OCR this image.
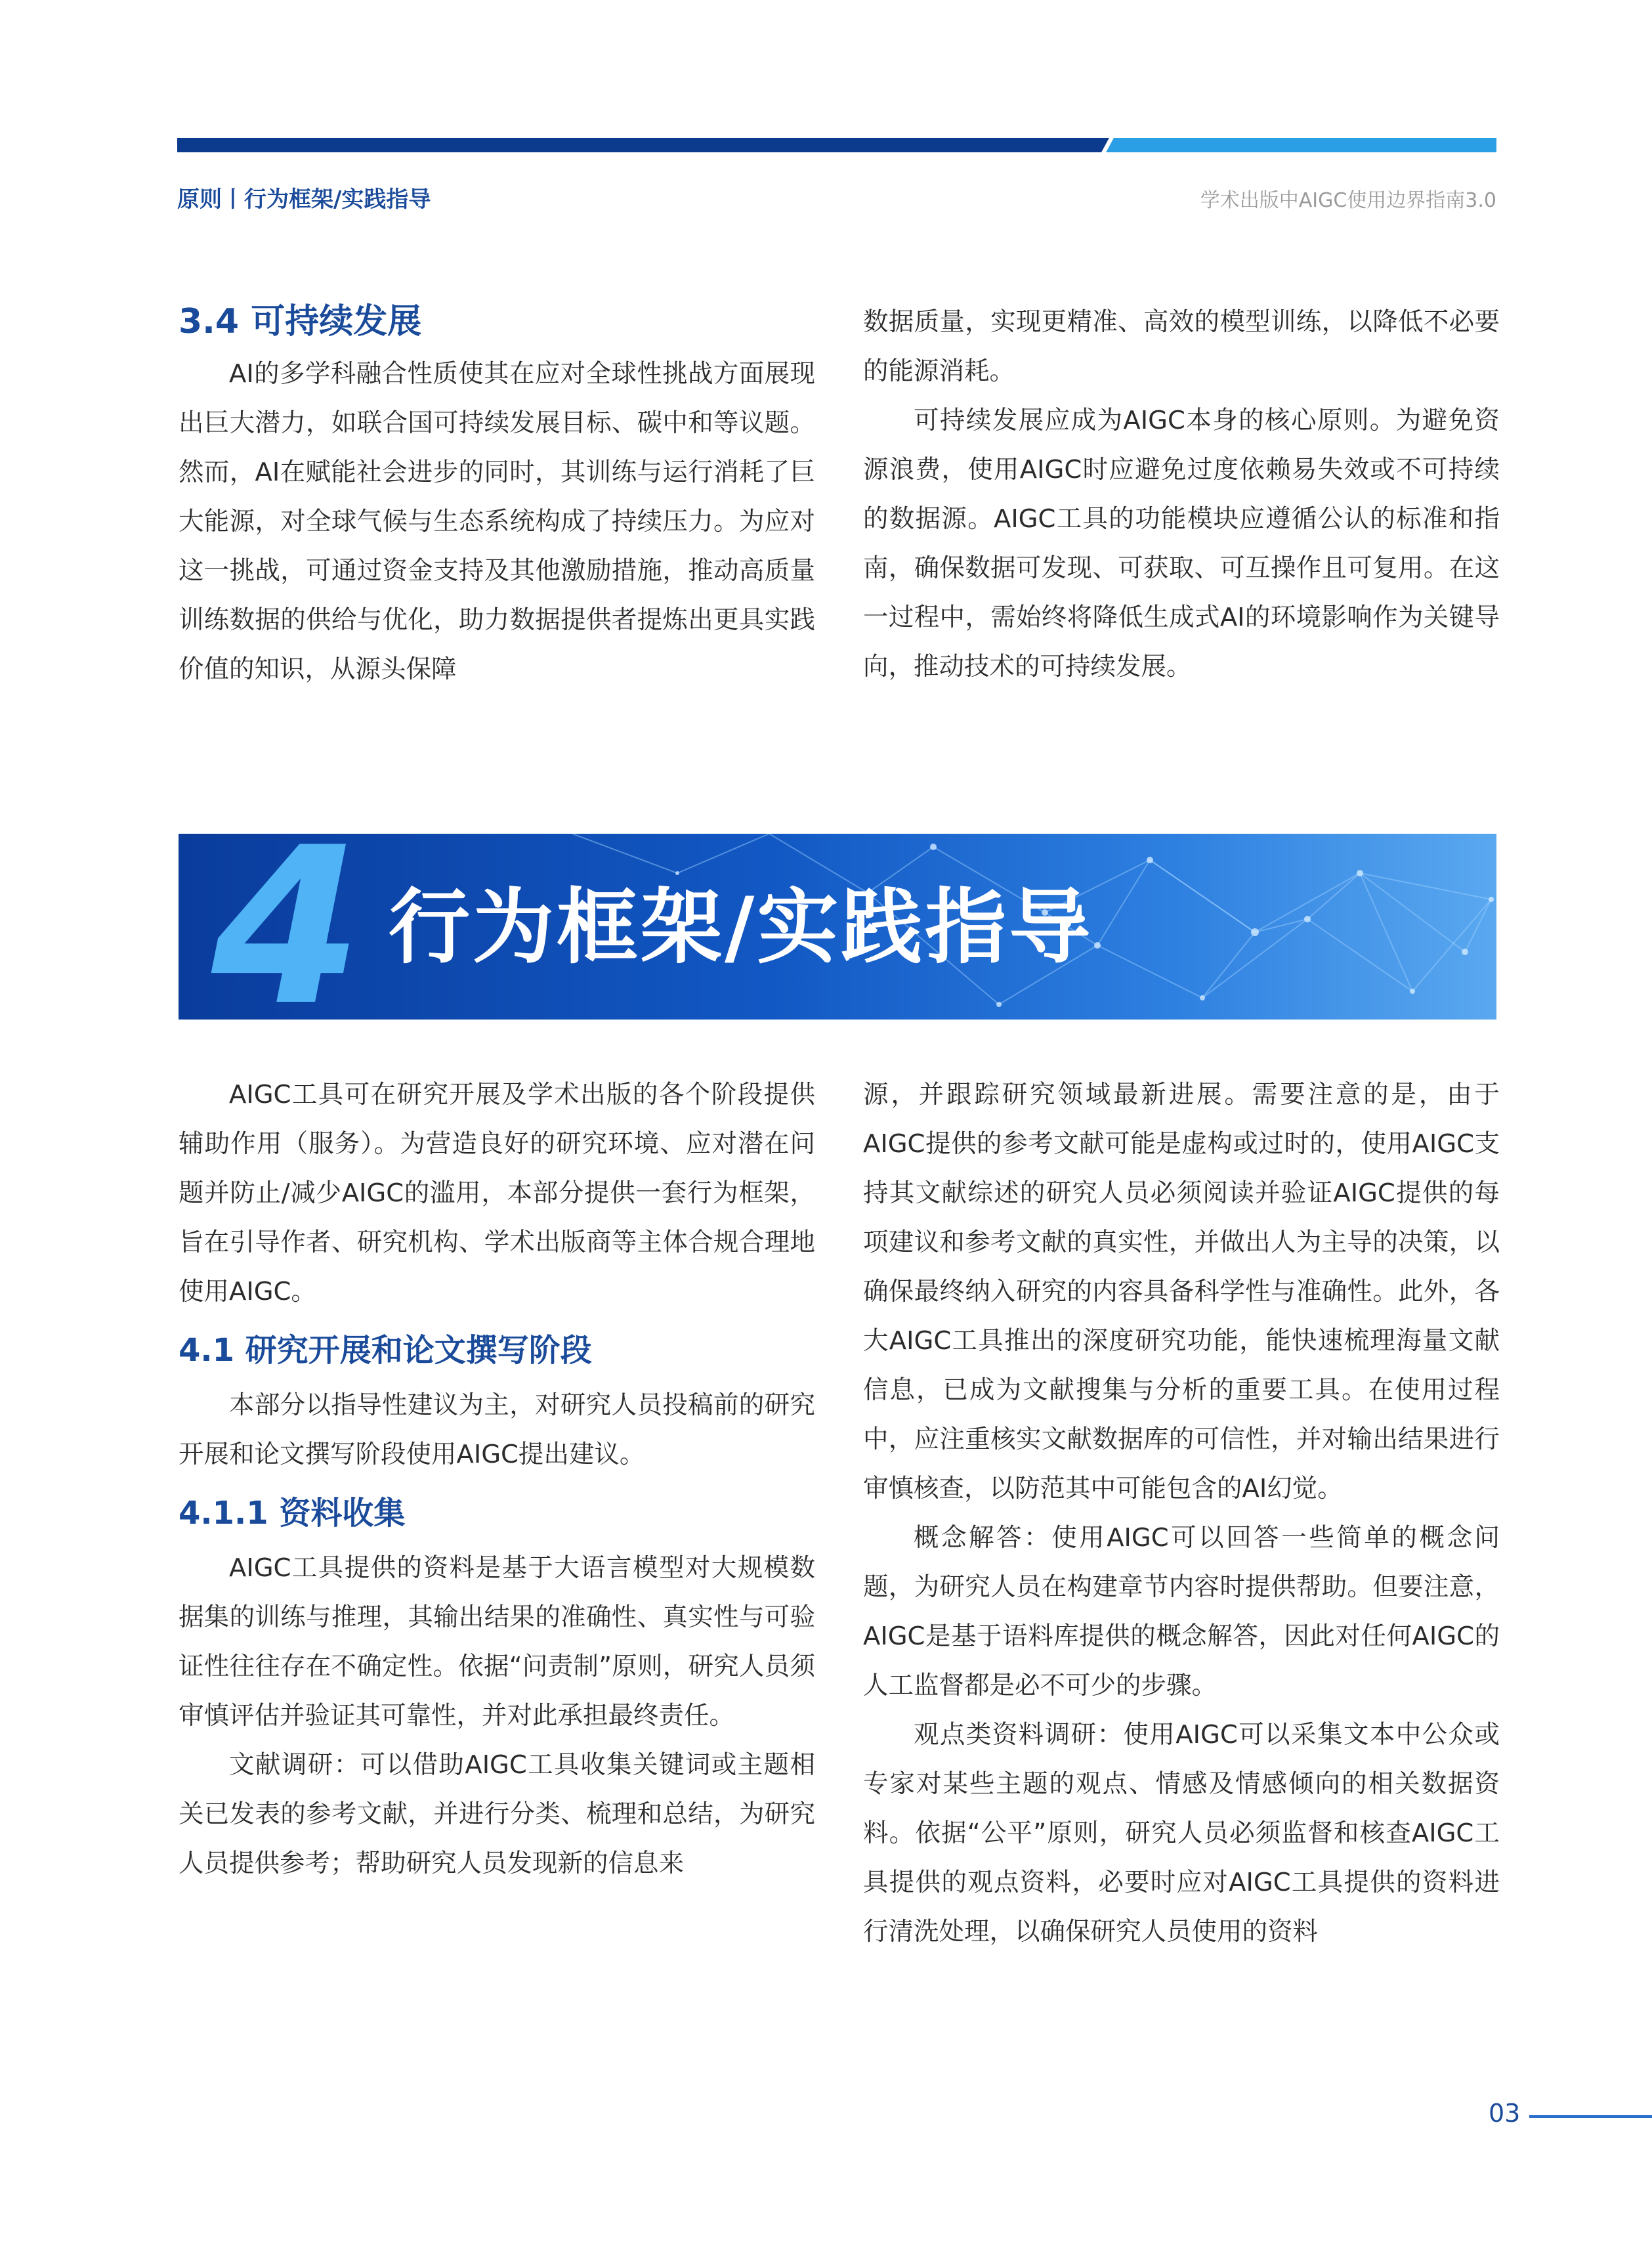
原则丨行为框架/实践指导	学术出版中AIGC使用边界指南3.0
3.4 可持续发展

AI的多学科融合性质使其在应对全球性挑战方面展现出巨大潜力，如联合国可持续发展目标、碳中和等议题。然而，AI在赋能社会进步的同时，其训练与运行消耗了巨大能源，对全球气候与生态系统构成了持续压力。为应对这一挑战，可通过资金支持及其他激励措施，推动高质量训练数据的供给与优化，助力数据提供者提炼出更具实践价值的知识，从源头保障

数据质量，实现更精准、高效的模型训练，以降低不必要的能源消耗。

可持续发展应成为AIGC本身的核心原则。为避免资源浪费，使用AIGC时应避免过度依赖易失效或不可持续的数据源。AIGC工具的功能模块应遵循公认的标准和指南，确保数据可发现、可获取、可互操作且可复用。在这一过程中，需始终将降低生成式AI的环境影响作为关键导向，推动技术的可持续发展。

4 行为框架/实践指导

AIGC工具可在研究开展及学术出版的各个阶段提供辅助作用（服务）。为营造良好的研究环境、应对潜在问题并防止/减少AIGC的滥用，本部分提供一套行为框架，旨在引导作者、研究机构、学术出版商等主体合规合理地使用AIGC。

4.1 研究开展和论文撰写阶段

本部分以指导性建议为主，对研究人员投稿前的研究开展和论文撰写阶段使用AIGC提出建议。

4.1.1 资料收集

AIGC工具提供的资料是基于大语言模型对大规模数据集的训练与推理，其输出结果的准确性、真实性与可验证性往往存在不确定性。依据“问责制”原则，研究人员须审慎评估并验证其可靠性，并对此承担最终责任。

文献调研：可以借助AIGC工具收集关键词或主题相关已发表的参考文献，并进行分类、梳理和总结，为研究人员提供参考；帮助研究人员发现新的信息来

源，并跟踪研究领域最新进展。需要注意的是，由于AIGC提供的参考文献可能是虚构或过时的，使用AIGC支持其文献综述的研究人员必须阅读并验证AIGC提供的每项建议和参考文献的真实性，并做出人为主导的决策，以确保最终纳入研究的内容具备科学性与准确性。此外，各大AIGC工具推出的深度研究功能，能快速梳理海量文献信息，已成为文献搜集与分析的重要工具。在使用过程中，应注重核实文献数据库的可信性，并对输出结果进行审慎核查，以防范其中可能包含的AI幻觉。

概念解答：使用AIGC可以回答一些简单的概念问题，为研究人员在构建章节内容时提供帮助。但要注意，AIGC是基于语料库提供的概念解答，因此对任何AIGC的人工监督都是必不可少的步骤。

观点类资料调研：使用AIGC可以采集文本中公众或专家对某些主题的观点、情感及情感倾向的相关数据资料。依据“公平”原则，研究人员必须监督和核查AIGC工具提供的观点资料，必要时应对AIGC工具提供的资料进行清洗处理，以确保研究人员使用的资料

03
